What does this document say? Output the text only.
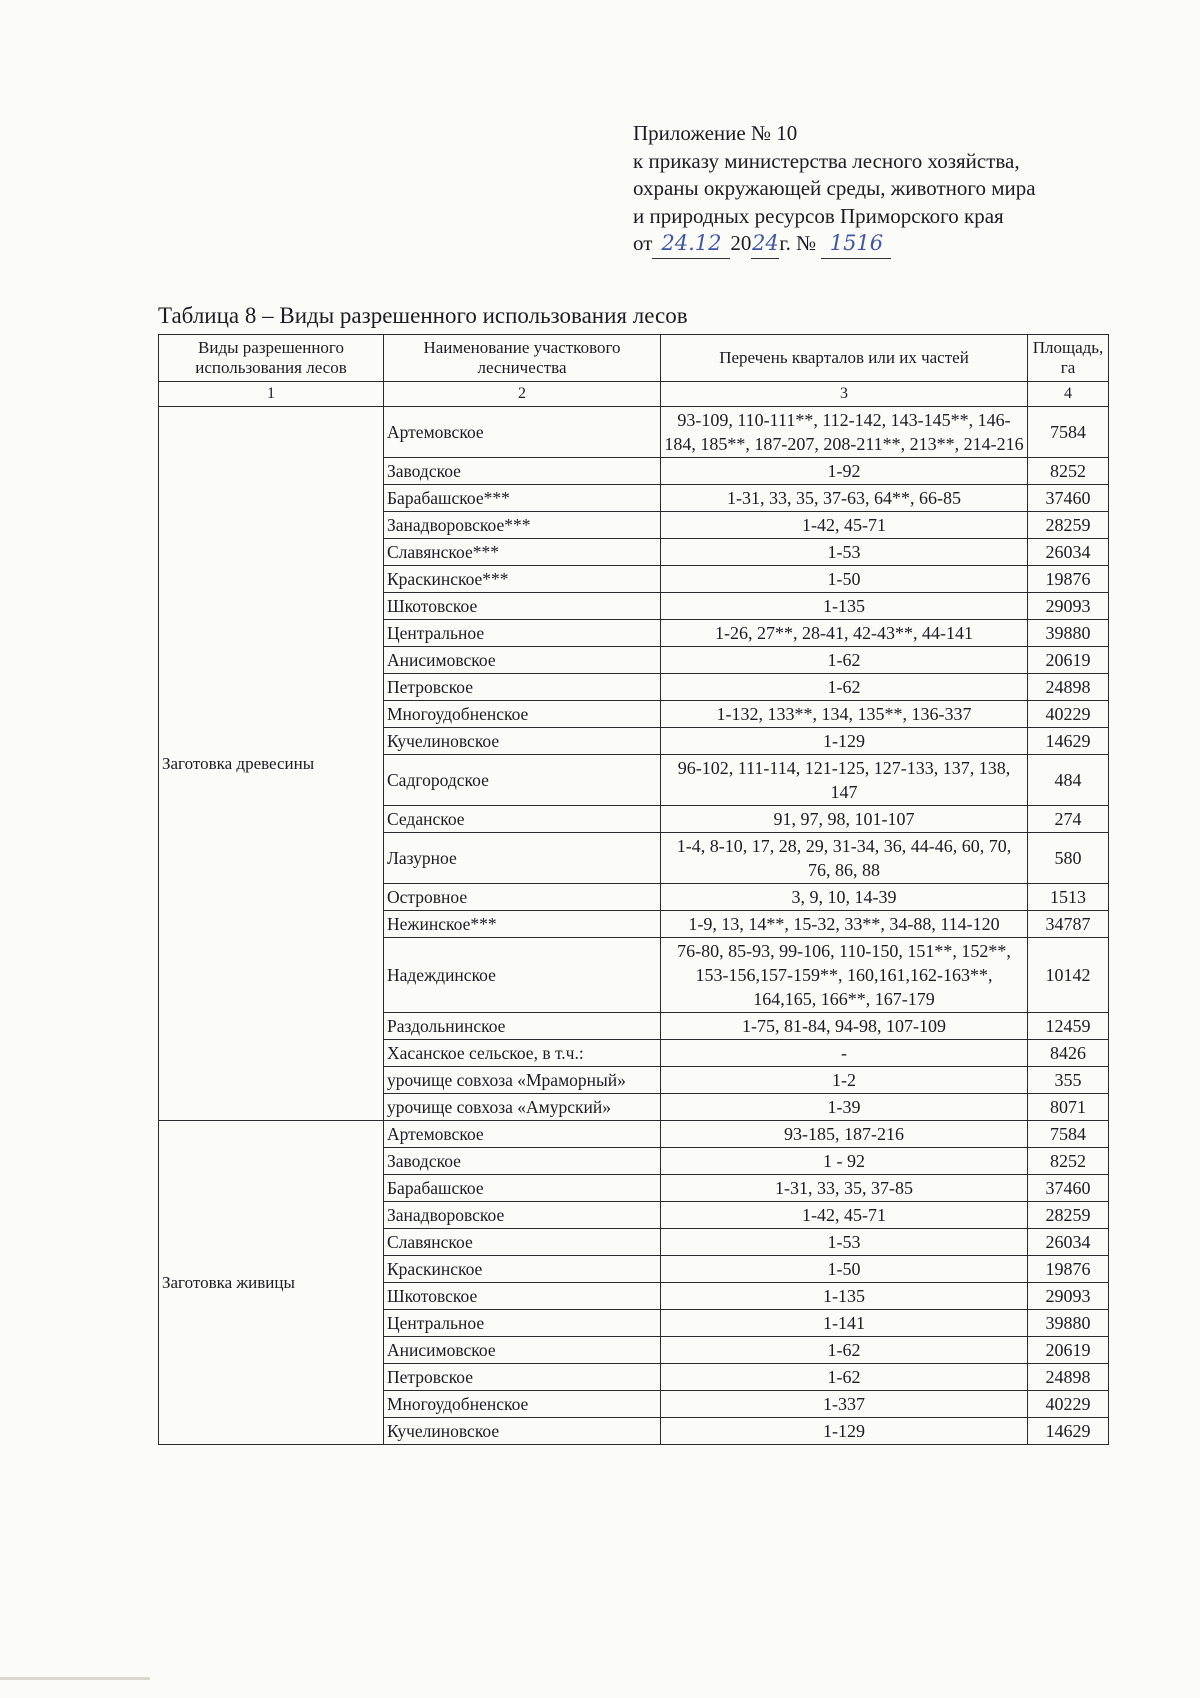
Приложение № 10
к приказу министерства лесного хозяйства,
охраны окружающей среды, животного мира
и природных ресурсов Приморского края
от 24.12 2024г. № 1516
Таблица 8 – Виды разрешенного использования лесов
Виды разрешенного использования лесов	Наименование участкового лесничества	Перечень кварталов или их частей	Площадь, га
1	2	3	4
Заготовка древесины	Артемовское	93-109, 110-111**, 112-142, 143-145**, 146-184, 185**, 187-207, 208-211**, 213**, 214-216	7584
	Заводское	1-92	8252
	Барабашское***	1-31, 33, 35, 37-63, 64**, 66-85	37460
	Занадворовское***	1-42, 45-71	28259
	Славянское***	1-53	26034
	Краскинское***	1-50	19876
	Шкотовское	1-135	29093
	Центральное	1-26, 27**, 28-41, 42-43**, 44-141	39880
	Анисимовское	1-62	20619
	Петровское	1-62	24898
	Многоудобненское	1-132, 133**, 134, 135**, 136-337	40229
	Кучелиновское	1-129	14629
	Садгородское	96-102, 111-114, 121-125, 127-133, 137, 138, 147	484
	Седанское	91, 97, 98, 101-107	274
	Лазурное	1-4, 8-10, 17, 28, 29, 31-34, 36, 44-46, 60, 70, 76, 86, 88	580
	Островное	3, 9, 10, 14-39	1513
	Нежинское***	1-9, 13, 14**, 15-32, 33**, 34-88, 114-120	34787
	Надеждинское	76-80, 85-93, 99-106, 110-150, 151**, 152**, 153-156,157-159**, 160,161,162-163**, 164,165, 166**, 167-179	10142
	Раздольнинское	1-75, 81-84, 94-98, 107-109	12459
	Хасанское сельское, в т.ч.:	-	8426
	урочище совхоза «Мраморный»	1-2	355
	урочище совхоза «Амурский»	1-39	8071
Заготовка живицы	Артемовское	93-185, 187-216	7584
	Заводское	1 - 92	8252
	Барабашское	1-31, 33, 35, 37-85	37460
	Занадворовское	1-42, 45-71	28259
	Славянское	1-53	26034
	Краскинское	1-50	19876
	Шкотовское	1-135	29093
	Центральное	1-141	39880
	Анисимовское	1-62	20619
	Петровское	1-62	24898
	Многоудобненское	1-337	40229
	Кучелиновское	1-129	14629
